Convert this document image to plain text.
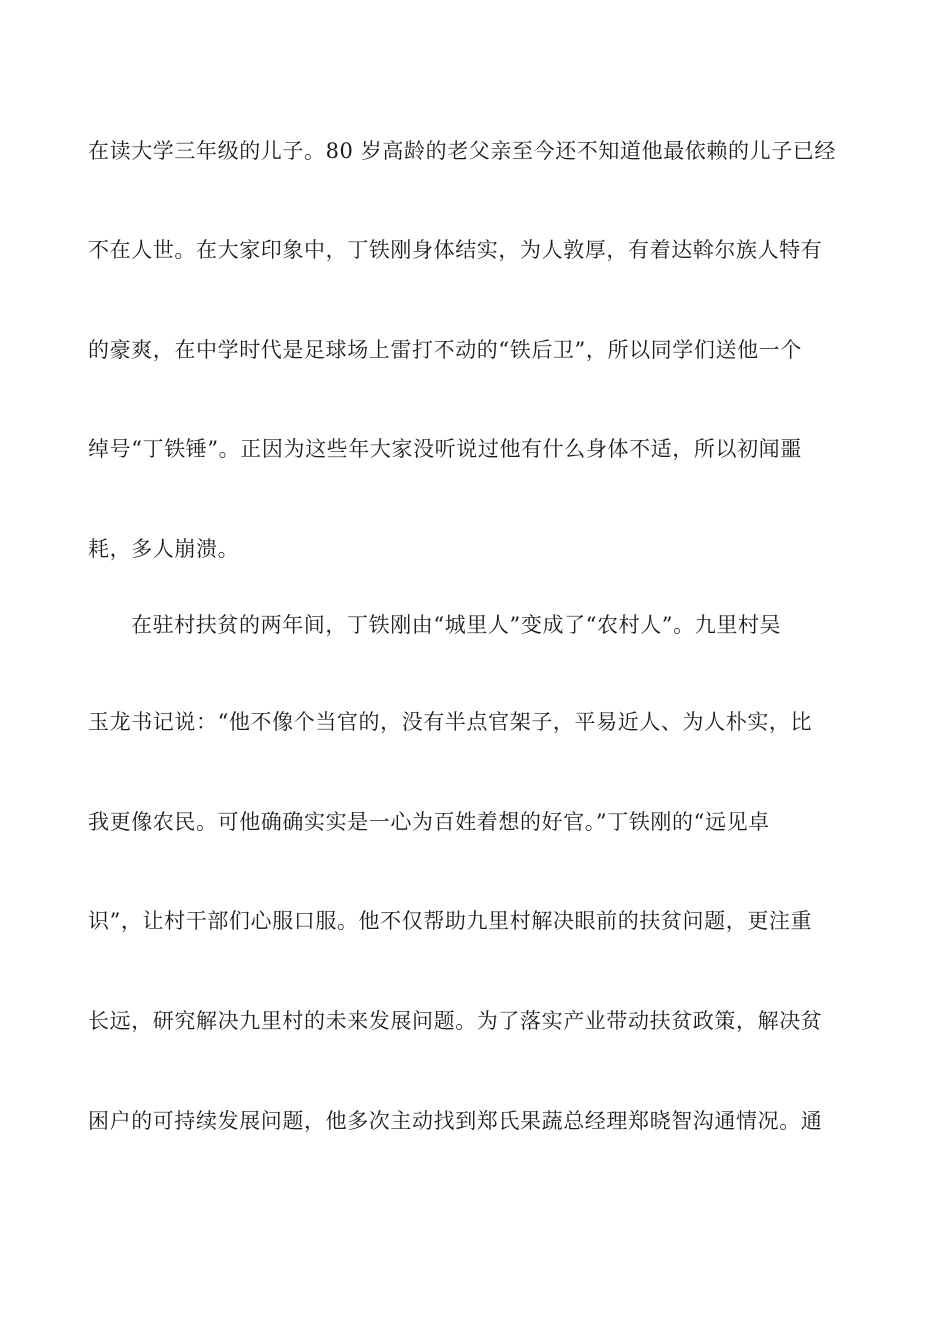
在读大学三年级的儿子。80 岁高龄的老父亲至今还不知道他最依赖的儿子已经
不在人世。在大家印象中，丁铁刚身体结实，为人敦厚，有着达斡尔族人特有
的豪爽，在中学时代是足球场上雷打不动的“铁后卫”，所以同学们送他一个
绰号“丁铁锤”。正因为这些年大家没听说过他有什么身体不适，所以初闻噩
耗，多人崩溃。
在驻村扶贫的两年间，丁铁刚由“城里人”变成了“农村人”。九里村吴
玉龙书记说：“他不像个当官的，没有半点官架子，平易近人、为人朴实，比
我更像农民。可他确确实实是一心为百姓着想的好官。”丁铁刚的“远见卓
识”，让村干部们心服口服。他不仅帮助九里村解决眼前的扶贫问题，更注重
长远，研究解决九里村的未来发展问题。为了落实产业带动扶贫政策，解决贫
困户的可持续发展问题，他多次主动找到郑氏果蔬总经理郑晓智沟通情况。通
